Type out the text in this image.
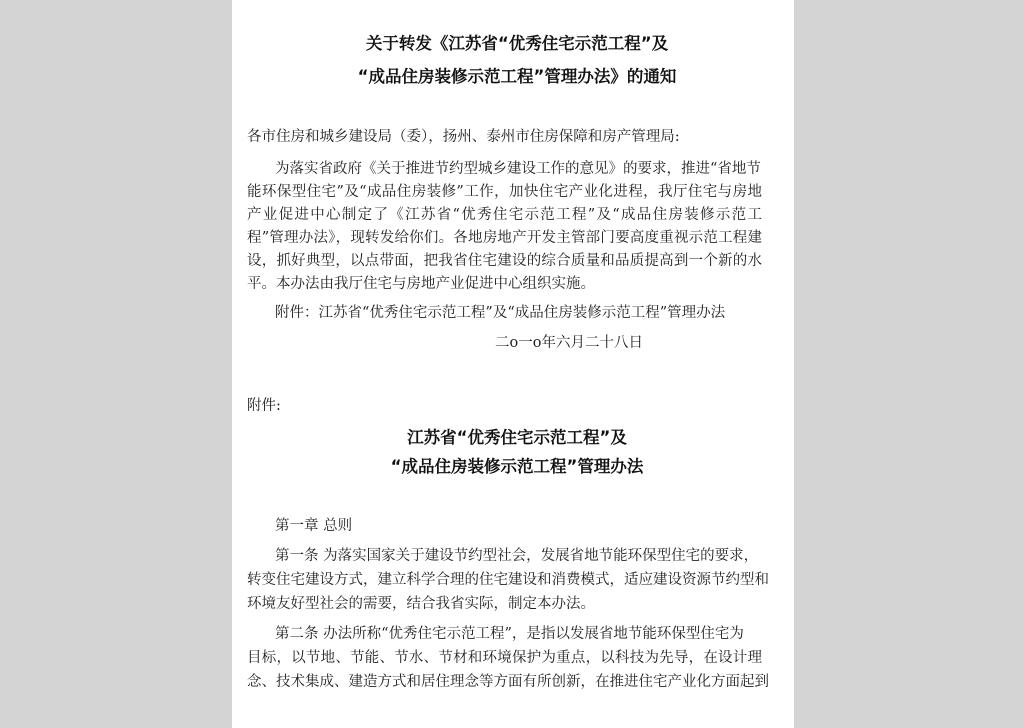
关于转发《江苏省“优秀住宅示范工程”及

“成品住房装修示范工程”管理办法》的通知

各市住房和城乡建设局（委），扬州、泰州市住房保障和房产管理局:

为落实省政府《关于推进节约型城乡建设工作的意见》的要求，推进“省地节

能环保型住宅”及“成品住房装修”工作，加快住宅产业化进程，我厅住宅与房地

产业促进中心制定了《江苏省“优秀住宅示范工程”及“成品住房装修示范工

程”管理办法》，现转发给你们。各地房地产开发主管部门要高度重视示范工程建

设，抓好典型，以点带面，把我省住宅建设的综合质量和品质提高到一个新的水

平。本办法由我厅住宅与房地产业促进中心组织实施。

附件：江苏省“优秀住宅示范工程”及“成品住房装修示范工程”管理办法

二o一o年六月二十八日

附件:

江苏省“优秀住宅示范工程”及

“成品住房装修示范工程”管理办法

第一章 总则

第一条 为落实国家关于建设节约型社会，发展省地节能环保型住宅的要求，

转变住宅建设方式，建立科学合理的住宅建设和消费模式，适应建设资源节约型和

环境友好型社会的需要，结合我省实际，制定本办法。

第二条 办法所称“优秀住宅示范工程”，是指以发展省地节能环保型住宅为

目标，以节地、节能、节水、节材和环境保护为重点，以科技为先导，在设计理

念、技术集成、建造方式和居住理念等方面有所创新，在推进住宅产业化方面起到
